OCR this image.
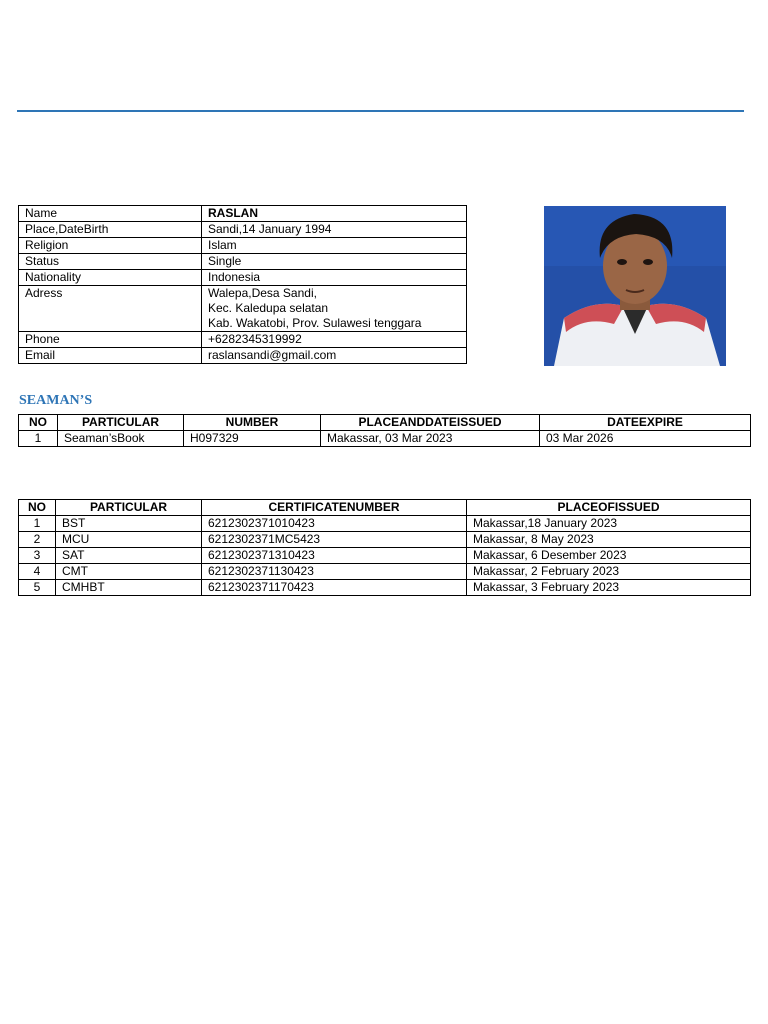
Name	RASLAN
Place,DateBirth	Sandi,14 January 1994
Religion	Islam
Status	Single
Nationality	Indonesia
Adress	Walepa,Desa Sandi,
Kec. Kaledupa selatan
Kab. Wakatobi, Prov. Sulawesi tenggara

Phone	+6282345319992
Email	raslansandi@gmail.com
SEAMAN’S
NO	PARTICULAR	NUMBER	PLACEANDDATEISSUED	DATEEXPIRE
1	Seaman’sBook	H097329	Makassar, 03 Mar 2023	03 Mar 2026
NO	PARTICULAR	CERTIFICATENUMBER	PLACEOFISSUED
1	BST	6212302371010423	Makassar,18 January 2023
2	MCU	6212302371MC5423	Makassar, 8 May 2023
3	SAT	6212302371310423	Makassar, 6 Desember 2023
4	CMT	6212302371130423	Makassar, 2 February 2023
5	CMHBT	6212302371170423	Makassar, 3 February 2023
